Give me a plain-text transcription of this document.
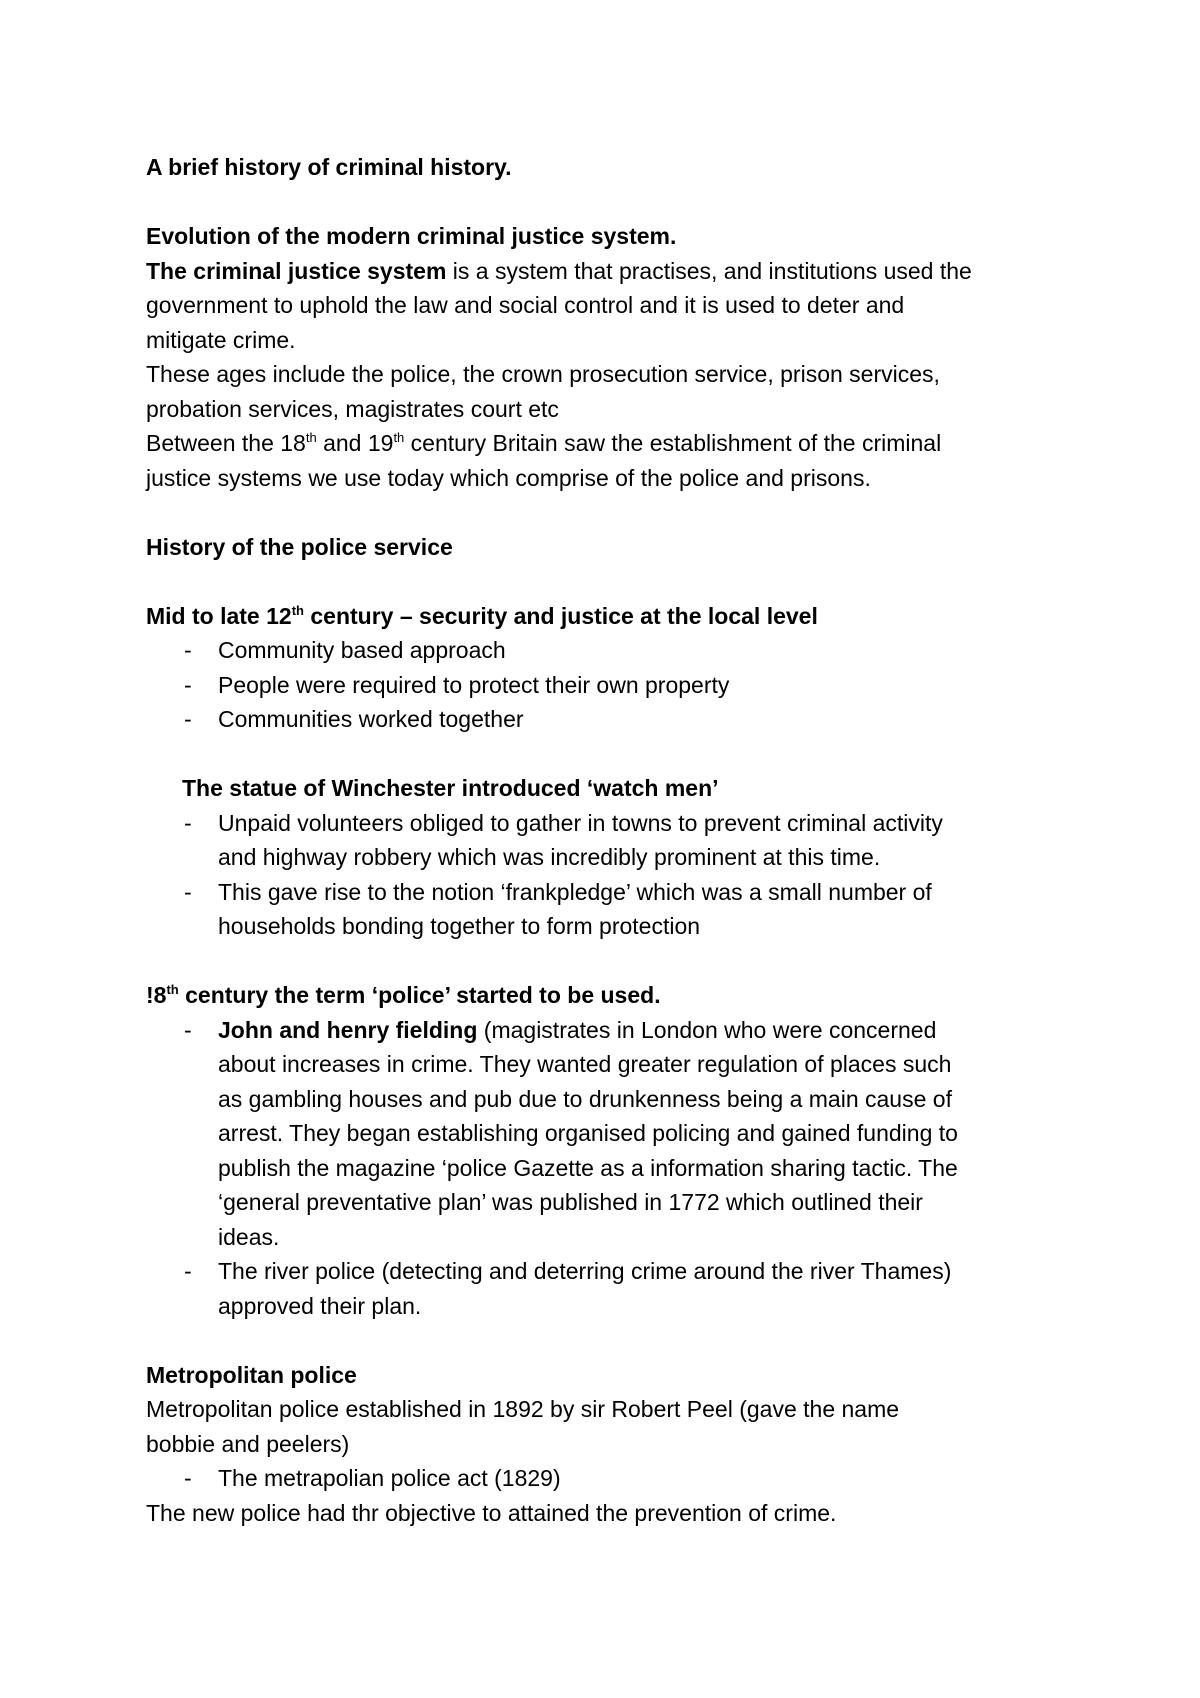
A brief history of criminal history.

Evolution of the modern criminal justice system.

The criminal justice system is a system that practises, and institutions used the

government to uphold the law and social control and it is used to deter and

mitigate crime.

These ages include the police, the crown prosecution service, prison services,

probation services, magistrates court etc

Between the 18th and 19th century Britain saw the establishment of the criminal

justice systems we use today which comprise of the police and prisons.

History of the police service

Mid to late 12th century – security and justice at the local level

- Community based approach

- People were required to protect their own property

- Communities worked together

The statue of Winchester introduced ‘watch men’

- Unpaid volunteers obliged to gather in towns to prevent criminal activity

and highway robbery which was incredibly prominent at this time.

- This gave rise to the notion ‘frankpledge’ which was a small number of

households bonding together to form protection

!8th century the term ‘police’ started to be used.

- John and henry fielding (magistrates in London who were concerned

about increases in crime. They wanted greater regulation of places such

as gambling houses and pub due to drunkenness being a main cause of

arrest. They began establishing organised policing and gained funding to

publish the magazine ‘police Gazette as a information sharing tactic. The

‘general preventative plan’ was published in 1772 which outlined their

ideas.

- The river police (detecting and deterring crime around the river Thames)

approved their plan.

Metropolitan police

Metropolitan police established in 1892 by sir Robert Peel (gave the name

bobbie and peelers)

- The metrapolian police act (1829)

The new police had thr objective to attained the prevention of crime.
